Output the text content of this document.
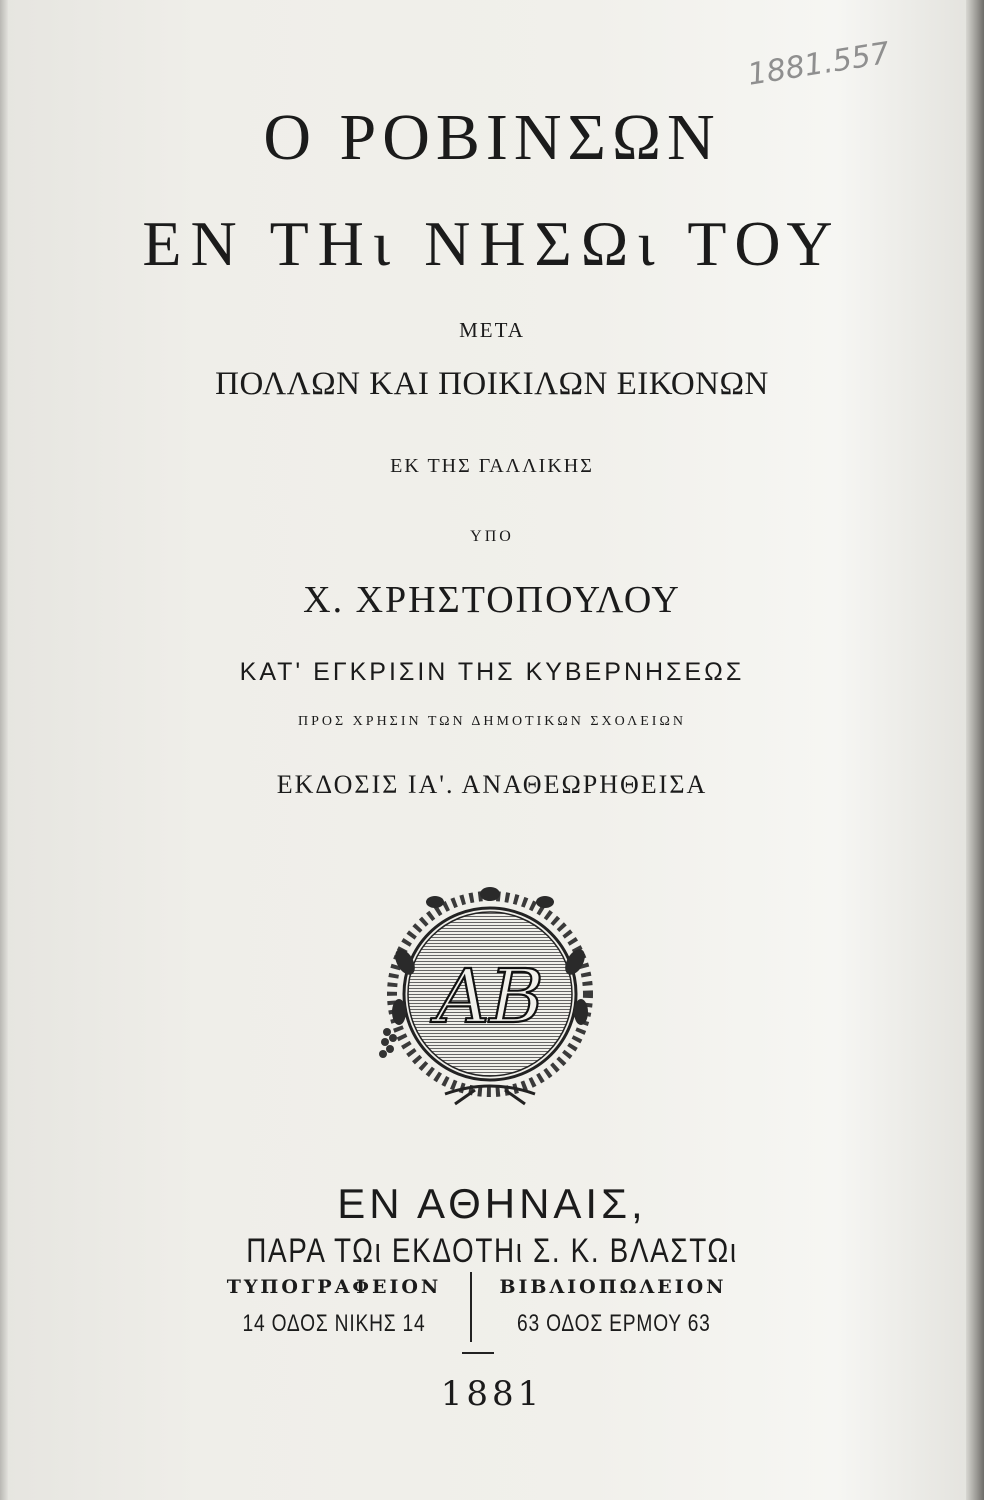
1881.557
Ο ΡΟΒΙΝΣΩΝ
ΕΝ ΤΗι ΝΗΣΩι ΤΟΥ
ΜΕΤΑ
ΠΟΛΛΩΝ ΚΑΙ ΠΟΙΚΙΛΩΝ ΕΙΚΟΝΩΝ
ΕΚ ΤΗΣ ΓΑΛΛΙΚΗΣ
ΥΠΟ
Χ. ΧΡΗΣΤΟΠΟΥΛΟΥ
ΚΑΤ' ΕΓΚΡΙΣΙΝ ΤΗΣ ΚΥΒΕΡΝΗΣΕΩΣ
ΠΡΟΣ ΧΡΗΣΙΝ ΤΩΝ ΔΗΜΟΤΙΚΩΝ ΣΧΟΛΕΙΩΝ
ΕΚΔΟΣΙΣ ΙΑ'. ΑΝΑΘΕΩΡΗΘΕΙΣΑ
ΑΒ
ΕΝ ΑΘΗΝΑΙΣ,
ΠΑΡΑ ΤΩι ΕΚΔΟΤΗι Σ. Κ. ΒΛΑΣΤΩι
ΤΥΠΟΓΡΑΦΕΙΟΝ
14 ΟΔΟΣ ΝΙΚΗΣ 14
ΒΙΒΛΙΟΠΩΛΕΙΟΝ
63 ΟΔΟΣ ΕΡΜΟΥ 63
1881
